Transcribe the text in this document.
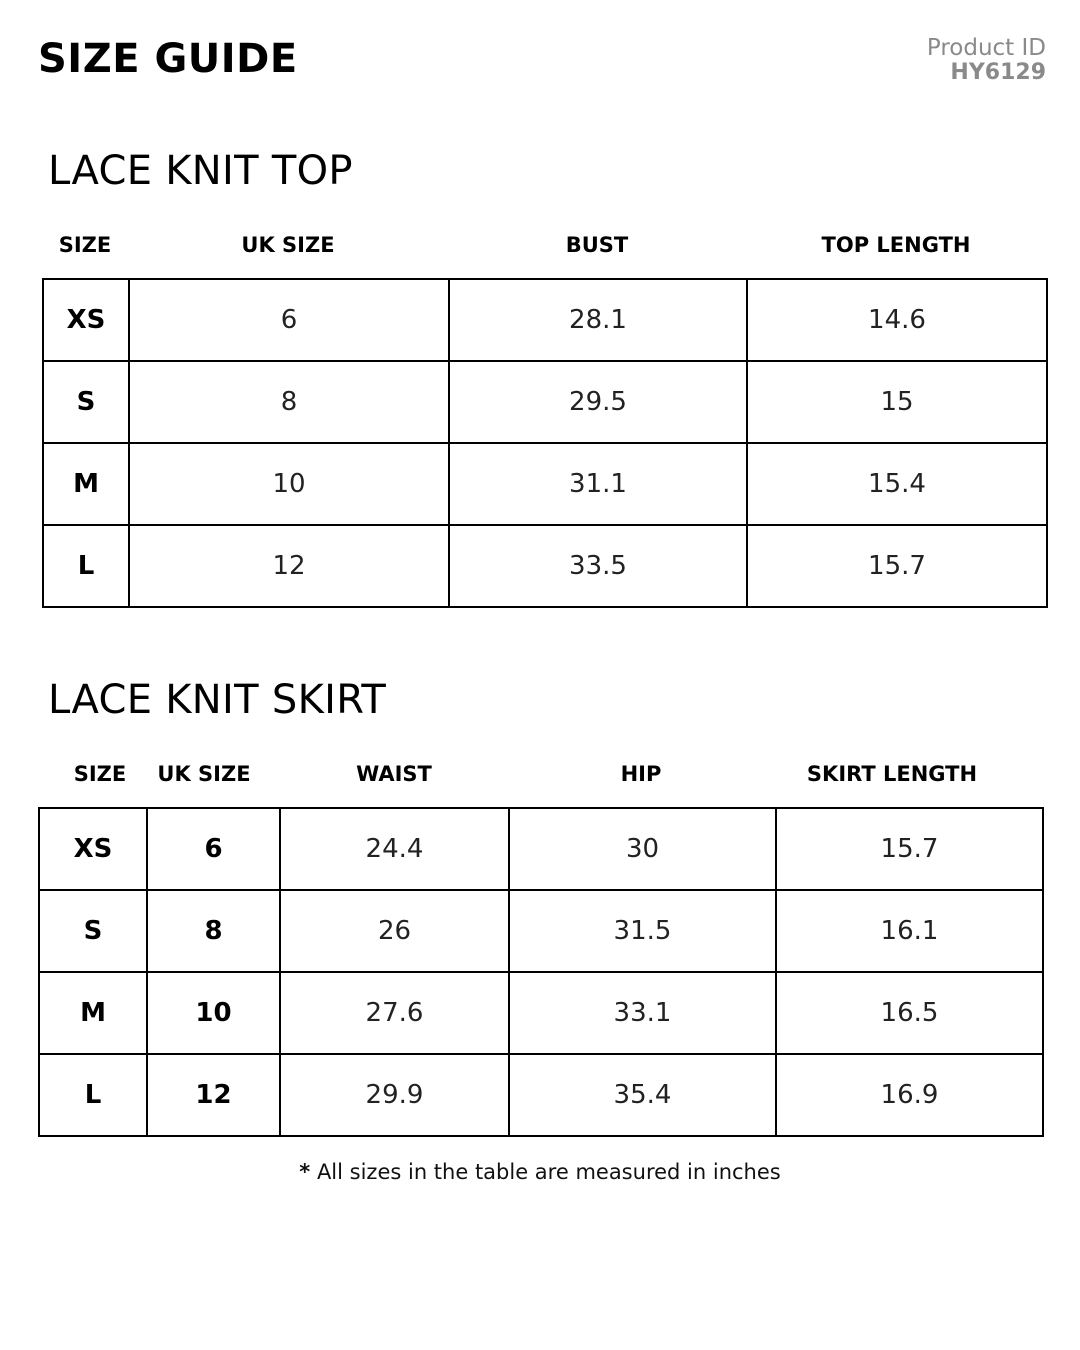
SIZE GUIDE	Product ID
HY6129
LACE KNIT TOP
SIZE	UK SIZE	BUST	TOP LENGTH
XS	6	28.1	14.6
S	8	29.5	15
M	10	31.1	15.4
L	12	33.5	15.7
LACE KNIT SKIRT
SIZE	UK SIZE	WAIST	HIP	SKIRT LENGTH
XS	6	24.4	30	15.7
S	8	26	31.5	16.1
M	10	27.6	33.1	16.5
L	12	29.9	35.4	16.9
* All sizes in the table are measured in inches
